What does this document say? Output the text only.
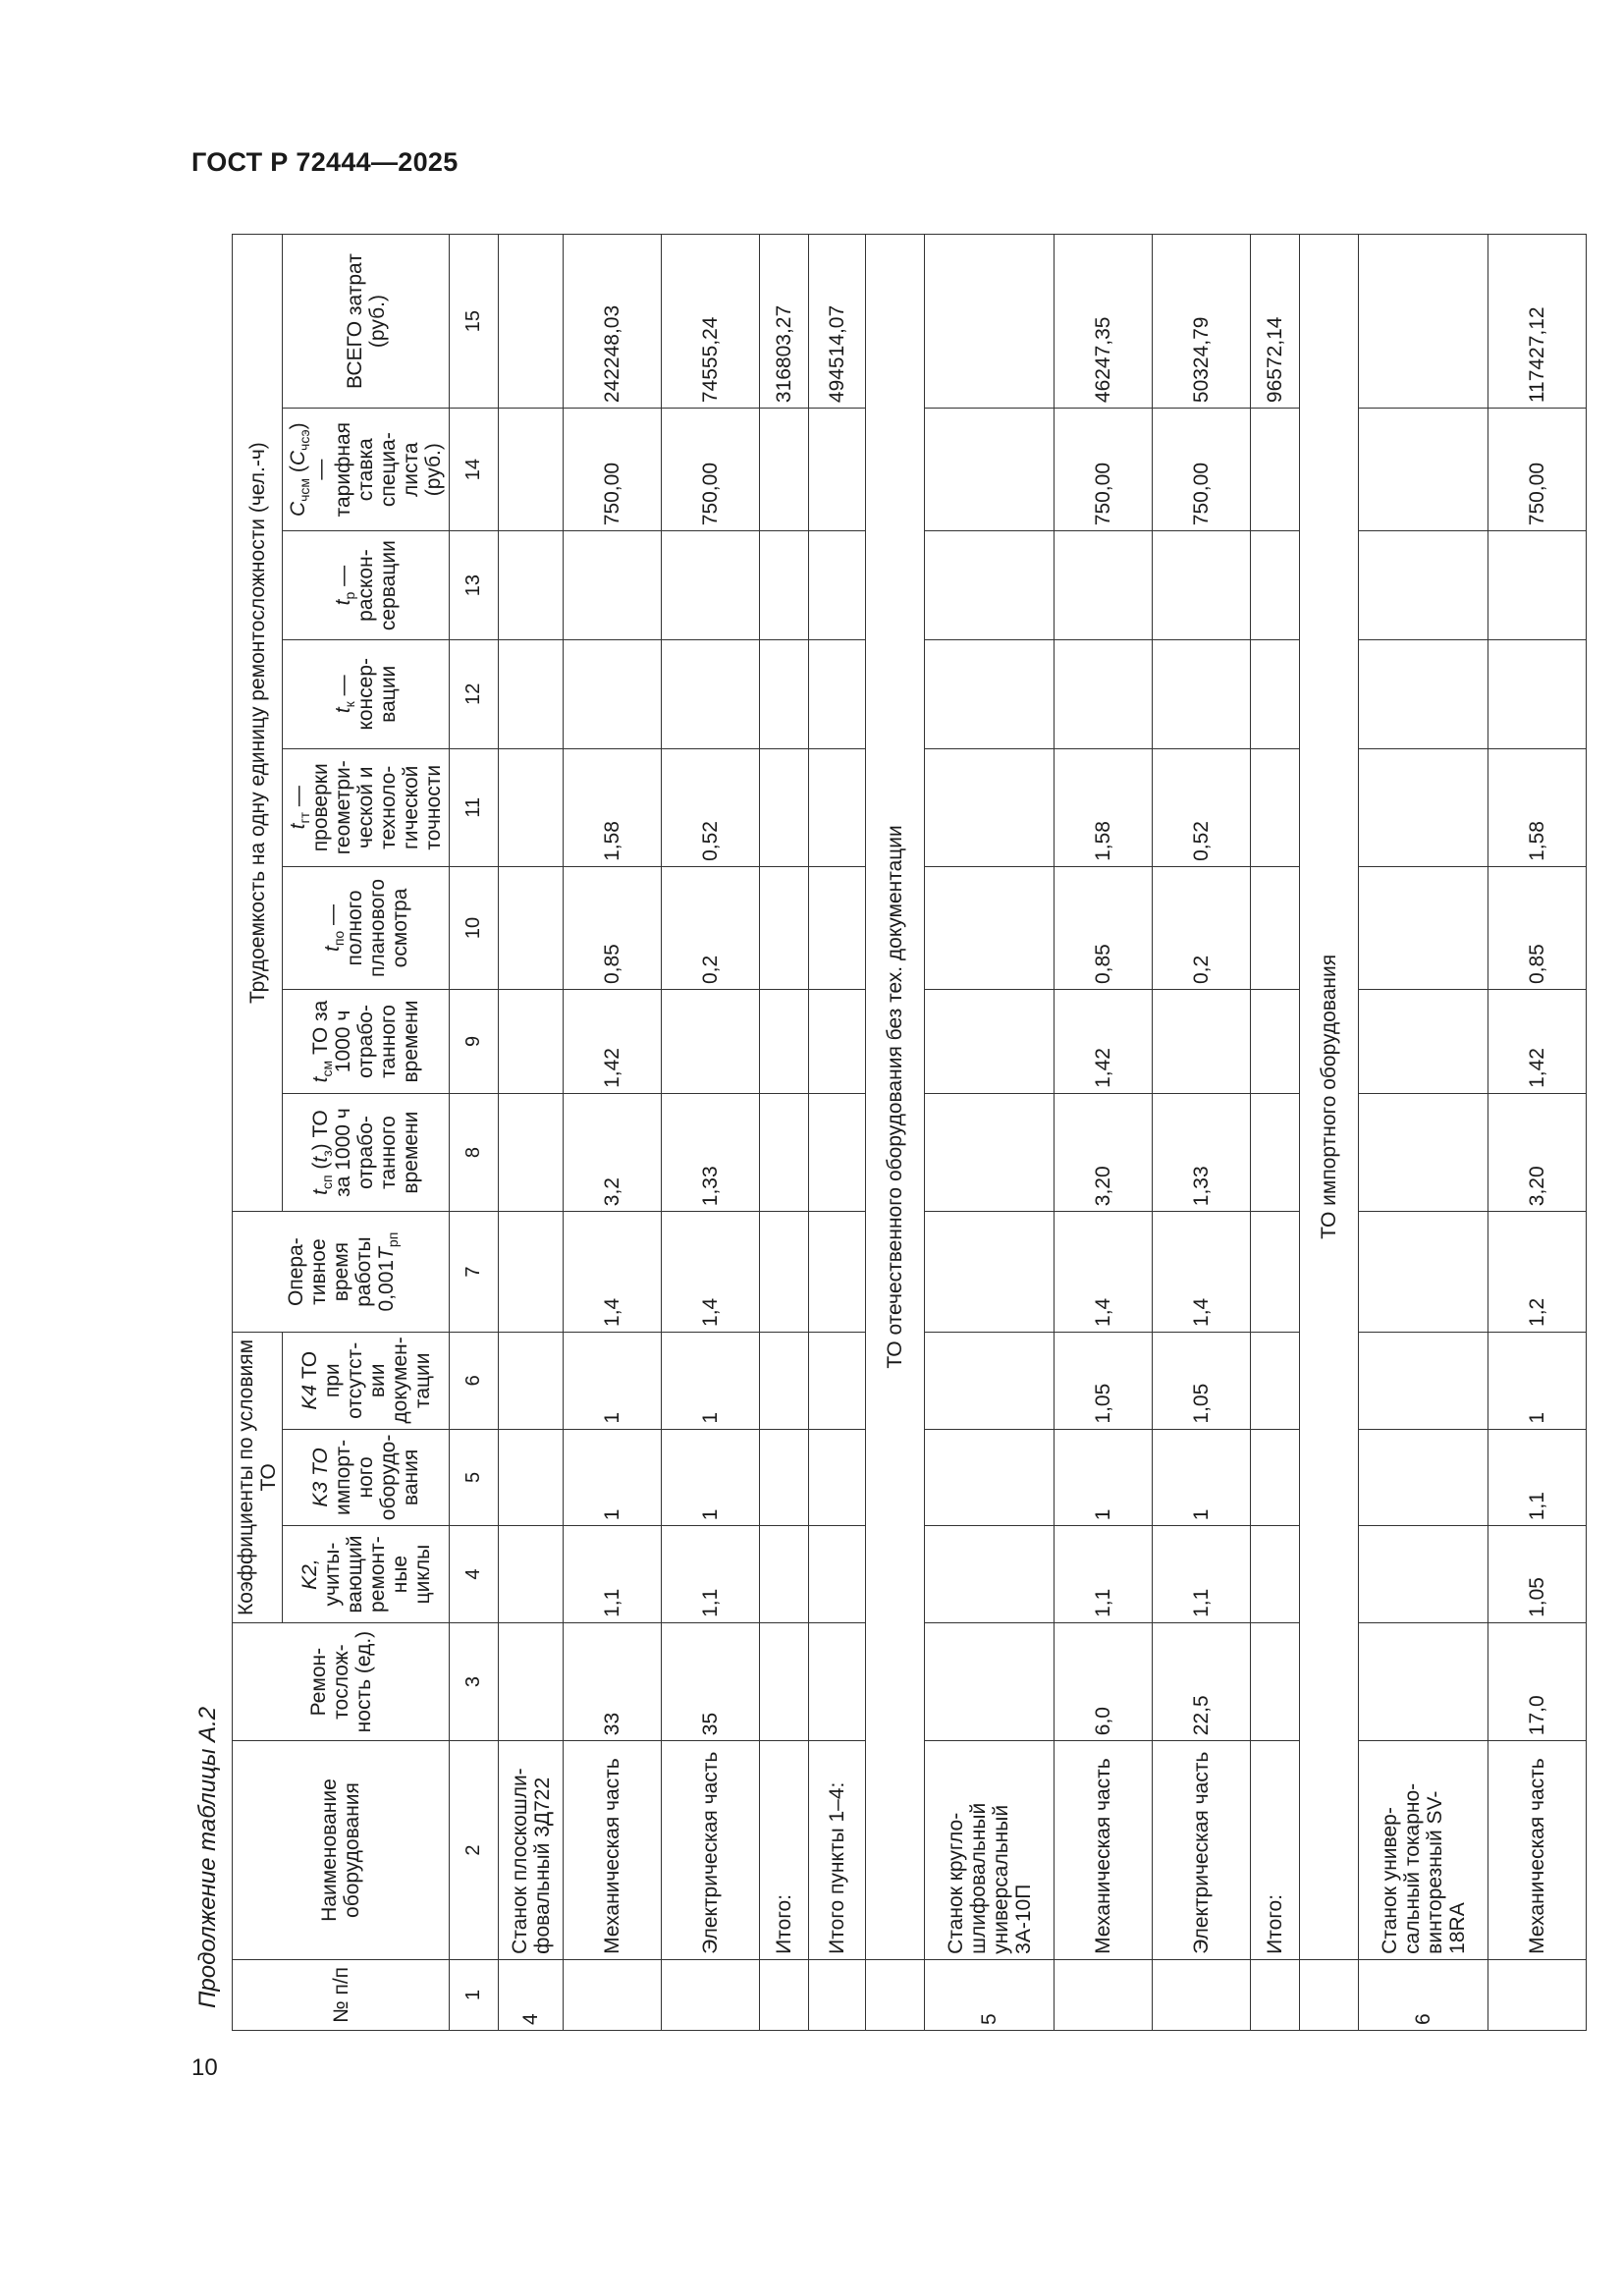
ГОСТ Р 72444—2025
Продолжение таблицы А.2
10
№ п/п	Наименование оборудования	Ремон-тослож-ность (ед.)	Коэффициенты по условиям ТО			Опера-тивное время работы $0,001T_{рп}$	Трудоемкость на одну единицу ремонтосложности (чел.-ч)							
			K2, учиты-вающий ремонт-ные циклы	K3 ТО импорт-ного оборудо-вания	K4 ТО при отсутст-вии докумен-тации		$t_{сп}$ $(t_з)$ ТО за 1000 ч отрабо-танного времени	$t_{см}$ ТО за 1000 ч отрабо-танного времени	$t_{по}$ — полного планового осмотра	$t_{гт}$ — проверки геометри-ческой и техноло-гической точности	$t_к$ — консер-вации	$t_р$ — раскон-сервации	$C_{чсм}$ $(C_{чсэ})$ — тарифная ставка специа-листа (руб.)	ВСЕГО затрат (руб.)
1	2	3	4	5	6	7	8	9	10	11	12	13	14	15
4	Станок плоскошли-фовальный 3Д722													
	Механическая часть	33	1,1	1	1	1,4	3,2	1,42	0,85	1,58			750,00	242248,03
	Электрическая часть	35	1,1	1	1	1,4	1,33		0,2	0,52			750,00	74555,24
	Итого:													316803,27
	Итого пункты 1–4:													494514,07
	ТО отечественного оборудования без тех. документации													
5	Станок кругло-шлифовальный универсальный 3А-10П													
	Механическая часть	6,0	1,1	1	1,05	1,4	3,20	1,42	0,85	1,58			750,00	46247,35
	Электрическая часть	22,5	1,1	1	1,05	1,4	1,33		0,2	0,52			750,00	50324,79
	Итого:													96572,14
	ТО импортного оборудования													
6	Станок универ-сальный токарно-винторезный SV-18RA													
	Механическая часть	17,0	1,05	1,1	1	1,2	3,20	1,42	0,85	1,58			750,00	117427,12
